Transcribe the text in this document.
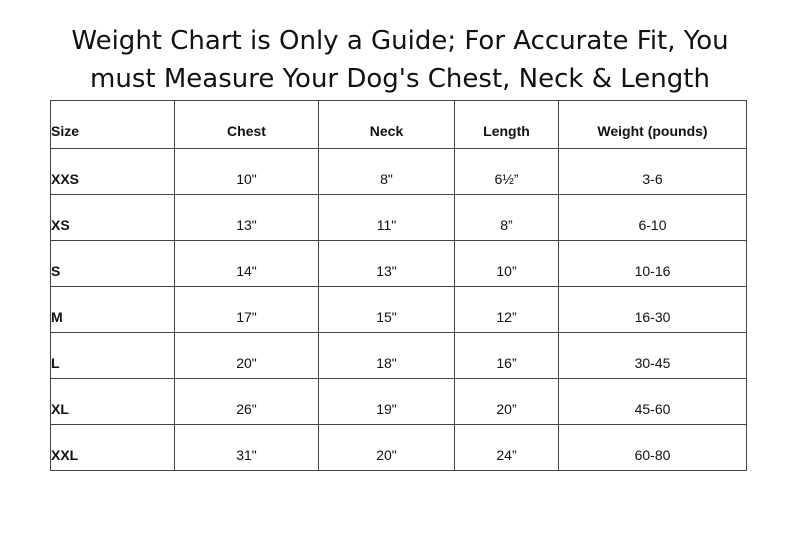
Weight Chart is Only a Guide; For Accurate Fit, You
must Measure Your Dog's Chest, Neck & Length
Size	Chest	Neck	Length	Weight (pounds)
XXS	10"	8"	6½”	3-6
XS	13"	11"	8”	6-10
S	14"	13"	10”	10-16
M	17"	15"	12”	16-30
L	20"	18"	16”	30-45
XL	26"	19"	20”	45-60
XXL	31"	20"	24”	60-80
